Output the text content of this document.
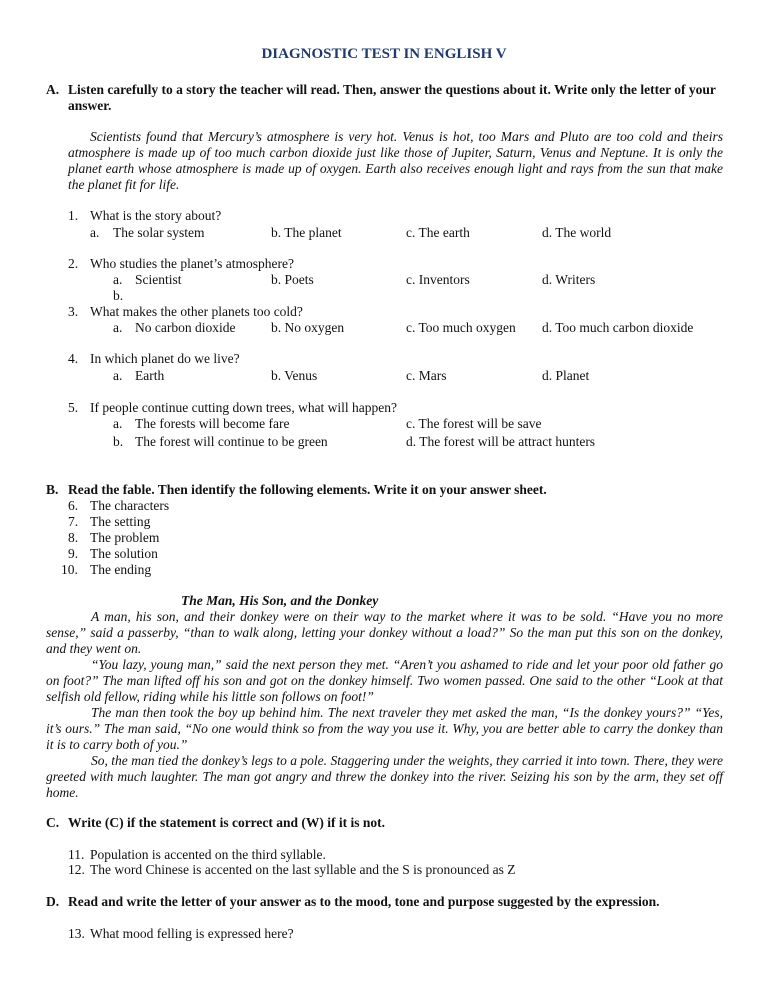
DIAGNOSTIC TEST IN ENGLISH V
A. Listen carefully to a story the teacher will read. Then, answer the questions about it. Write only the letter of your
answer.
Scientists found that Mercury’s atmosphere is very hot. Venus is hot, too Mars and Pluto are too cold and theirs atmosphere is made up of too much carbon dioxide just like those of Jupiter, Saturn, Venus and Neptune. It is only the planet earth whose atmosphere is made up of oxygen. Earth also receives enough light and rays from the sun that make the planet fit for life.
1. What is the story about?
a. The solar system	b. The planet	c. The earth	d. The world
2. Who studies the planet’s atmosphere?
a. Scientist	b. Poets	c. Inventors	d. Writers
b.
3. What makes the other planets too cold?
a. No carbon dioxide	b. No oxygen	c. Too much oxygen d. Too much carbon dioxide
4. In which planet do we live?
a. Earth	b. Venus	c. Mars	d. Planet
5. If people continue cutting down trees, what will happen?
a. The forests will become fare	c. The forest will be save
b. The forest will continue to be green	d. The forest will be attract hunters
B. Read the fable. Then identify the following elements. Write it on your answer sheet.
6. The characters
7. The setting
8. The problem
9. The solution
10. The ending
The Man, His Son, and the Donkey

A man, his son, and their donkey were on their way to the market where it was to be sold. “Have you no more sense,” said a passerby, “than to walk along, letting your donkey without a load?” So the man put this son on the donkey, and they went on.

“You lazy, young man,” said the next person they met. “Aren’t you ashamed to ride and let your poor old father go on foot?” The man lifted off his son and got on the donkey himself. Two women passed. One said to the other “Look at that selfish old fellow, riding while his little son follows on foot!”

The man then took the boy up behind him. The next traveler they met asked the man, “Is the donkey yours?” “Yes, it’s ours.” The man said, “No one would think so from the way you use it. Why, you are better able to carry the donkey than it is to carry both of you.”

So, the man tied the donkey’s legs to a pole. Staggering under the weights, they carried it into town. There, they were greeted with much laughter. The man got angry and threw the donkey into the river. Seizing his son by the arm, they set off home.

C. Write (C) if the statement is correct and (W) if it is not.
11. Population is accented on the third syllable.
12. The word Chinese is accented on the last syllable and the S is pronounced as Z
D. Read and write the letter of your answer as to the mood, tone and purpose suggested by the expression.
13. What mood felling is expressed here?
